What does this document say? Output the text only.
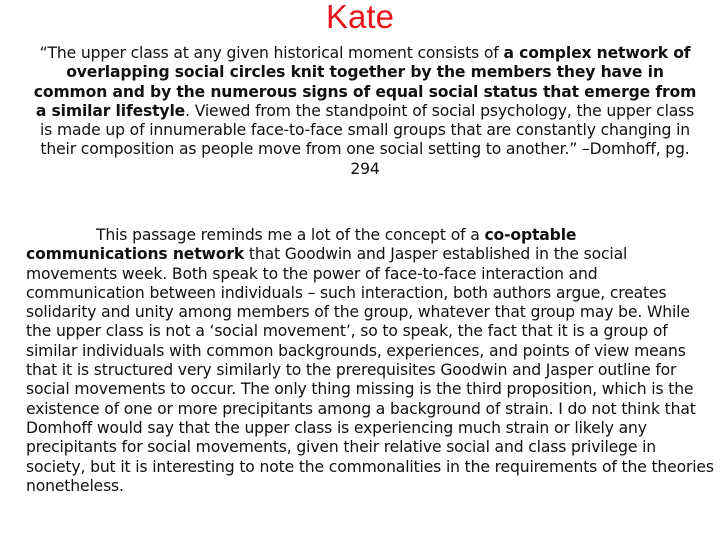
Kate

“The upper class at any given historical moment consists of a complex network of overlapping social circles knit together by the members they have in common and by the numerous signs of equal social status that emerge from a similar lifestyle. Viewed from the standpoint of social psychology, the upper class is made up of innumerable face-to-face small groups that are constantly changing in their composition as people move from one social setting to another.” –Domhoff, pg. 294

This passage reminds me a lot of the concept of a co-optable communications network that Goodwin and Jasper established in the social movements week. Both speak to the power of face-to-face interaction and communication between individuals – such interaction, both authors argue, creates solidarity and unity among members of the group, whatever that group may be. While the upper class is not a ‘social movement’, so to speak, the fact that it is a group of similar individuals with common backgrounds, experiences, and points of view means that it is structured very similarly to the prerequisites Goodwin and Jasper outline for social movements to occur. The only thing missing is the third proposition, which is the existence of one or more precipitants among a background of strain. I do not think that Domhoff would say that the upper class is experiencing much strain or likely any precipitants for social movements, given their relative social and class privilege in society, but it is interesting to note the commonalities in the requirements of the theories nonetheless.
